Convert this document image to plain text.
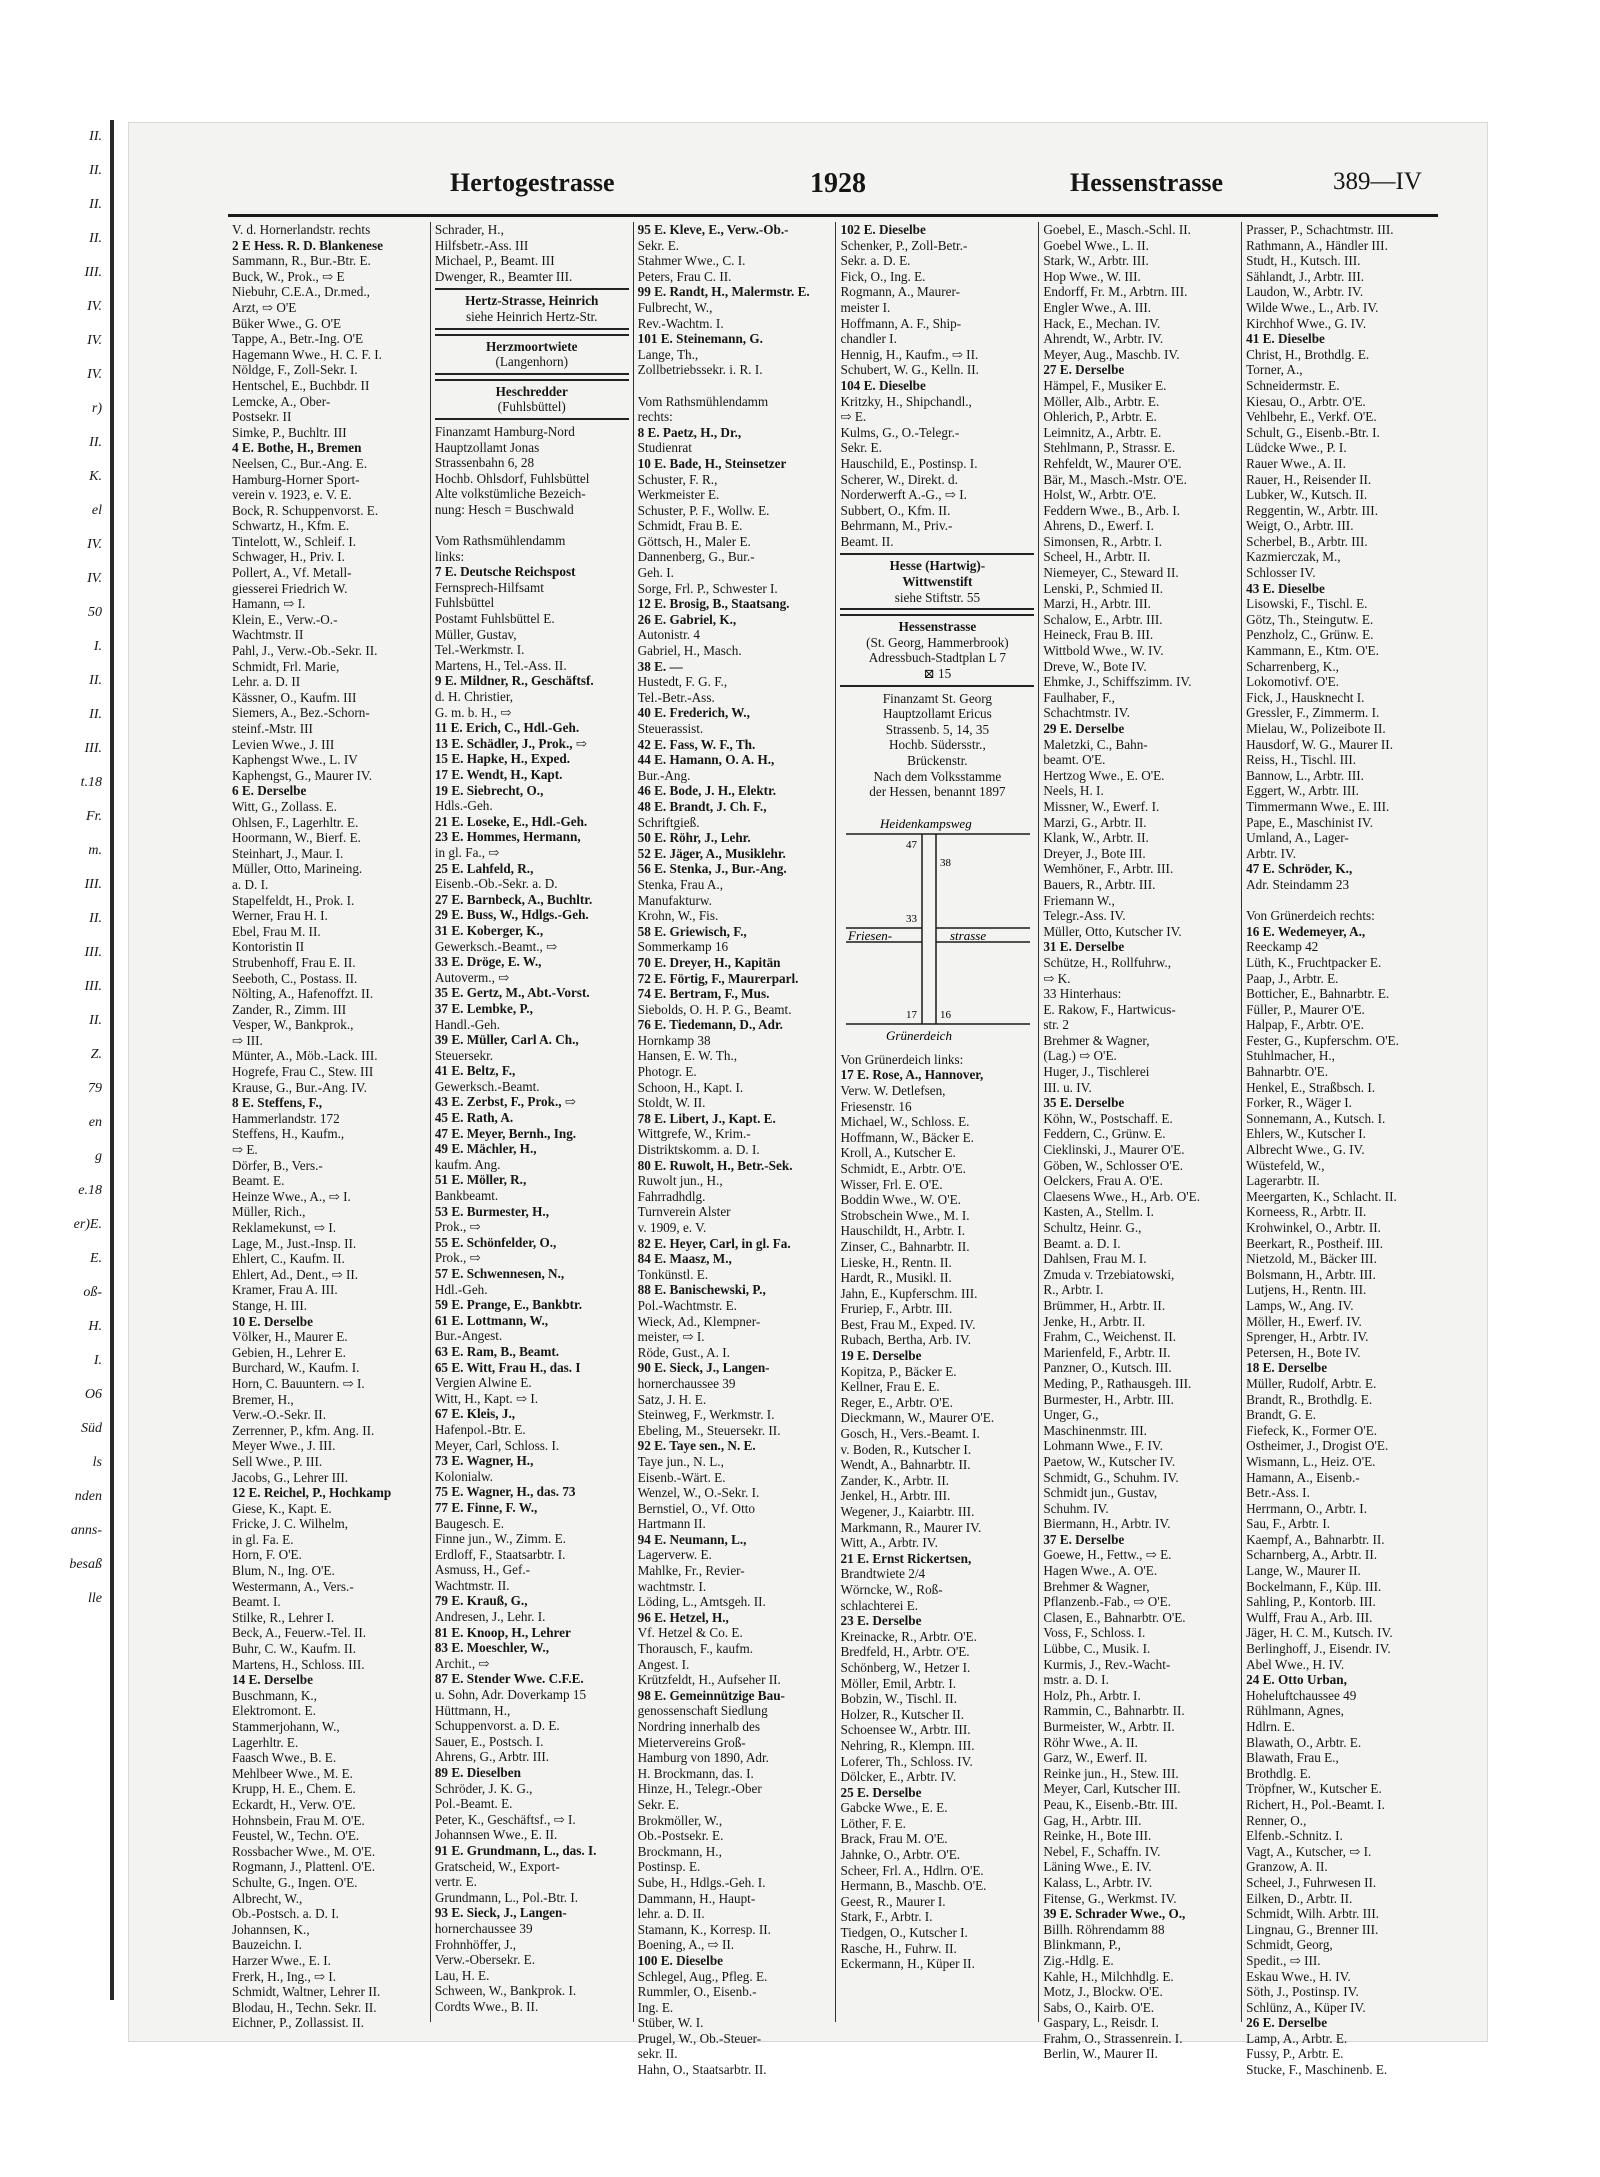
II.
II.
II.
II.
III.
IV.
IV.
IV.
r)
II.
K.
el
IV.
IV.
50
I.
II.
II.
III.
t.18
Fr.
m.
III.
II.
III.
III.
II.
Z.
79
en
g
e.18
er)E.
E.
oß-
H.
I.
O6
Süd
ls
nden
anns-
besaß
lle
Hertogestrasse	1928	Hessenstrasse	389—IV
V. d. Hornerlandstr. rechts
2 E Hess. R. D. Blankenese
Sammann, R., Bur.-Btr. E.
Buck, W., Prok., ⇨ E
Niebuhr, C.E.A., Dr.med.,
Arzt, ⇨ O'E
Büker Wwe., G. O'E
Tappe, A., Betr.-Ing. O'E
Hagemann Wwe., H. C. F. I.
Nöldge, F., Zoll-Sekr. I.
Hentschel, E., Buchbdr. II
Lemcke, A., Ober-
Postsekr. II
Simke, P., Buchltr. III
4 E. Bothe, H., Bremen
Neelsen, C., Bur.-Ang. E.
Hamburg-Horner Sport-
verein v. 1923, e. V. E.
Bock, R. Schuppenvorst. E.
Schwartz, H., Kfm. E.
Tintelott, W., Schleif. I.
Schwager, H., Priv. I.
Pollert, A., Vf. Metall-
giesserei Friedrich W.
Hamann, ⇨ I.
Klein, E., Verw.-O.-
Wachtmstr. II
Pahl, J., Verw.-Ob.-Sekr. II.
Schmidt, Frl. Marie,
Lehr. a. D. II
Kässner, O., Kaufm. III
Siemers, A., Bez.-Schorn-
steinf.-Mstr. III
Levien Wwe., J. III
Kaphengst Wwe., L. IV
Kaphengst, G., Maurer IV.
6 E. Derselbe
Witt, G., Zollass. E.
Ohlsen, F., Lagerhltr. E.
Hoormann, W., Bierf. E.
Steinhart, J., Maur. I.
Müller, Otto, Marineing.
a. D. I.
Stapelfeldt, H., Prok. I.
Werner, Frau H. I.
Ebel, Frau M. II.
Kontoristin II
Strubenhoff, Frau E. II.
Seeboth, C., Postass. II.
Nölting, A., Hafenoffzt. II.
Zander, R., Zimm. III
Vesper, W., Bankprok.,
⇨ III.
Münter, A., Möb.-Lack. III.
Hogrefe, Frau C., Stew. III
Krause, G., Bur.-Ang. IV.
8 E. Steffens, F.,
Hammerlandstr. 172
Steffens, H., Kaufm.,
⇨ E.
Dörfer, B., Vers.-
Beamt. E.
Heinze Wwe., A., ⇨ I.
Müller, Rich.,
Reklamekunst, ⇨ I.
Lage, M., Just.-Insp. II.
Ehlert, C., Kaufm. II.
Ehlert, Ad., Dent., ⇨ II.
Kramer, Frau A. III.
Stange, H. III.
10 E. Derselbe
Völker, H., Maurer E.
Gebien, H., Lehrer E.
Burchard, W., Kaufm. I.
Horn, C. Bauuntern. ⇨ I.
Bremer, H.,
Verw.-O.-Sekr. II.
Zerrenner, P., kfm. Ang. II.
Meyer Wwe., J. III.
Sell Wwe., P. III.
Jacobs, G., Lehrer III.
12 E. Reichel, P., Hochkamp
Giese, K., Kapt. E.
Fricke, J. C. Wilhelm,
in gl. Fa. E.
Horn, F. O'E.
Blum, N., Ing. O'E.
Westermann, A., Vers.-
Beamt. I.
Stilke, R., Lehrer I.
Beck, A., Feuerw.-Tel. II.
Buhr, C. W., Kaufm. II.
Martens, H., Schloss. III.
14 E. Derselbe
Buschmann, K.,
Elektromont. E.
Stammerjohann, W.,
Lagerhltr. E.
Faasch Wwe., B. E.
Mehlbeer Wwe., M. E.
Krupp, H. E., Chem. E.
Eckardt, H., Verw. O'E.
Hohnsbein, Frau M. O'E.
Feustel, W., Techn. O'E.
Rossbacher Wwe., M. O'E.
Rogmann, J., Plattenl. O'E.
Schulte, G., Ingen. O'E.
Albrecht, W.,
Ob.-Postsch. a. D. I.
Johannsen, K.,
Bauzeichn. I.
Harzer Wwe., E. I.
Frerk, H., Ing., ⇨ I.
Schmidt, Waltner, Lehrer II.
Blodau, H., Techn. Sekr. II.
Eichner, P., Zollassist. II.
Schrader, H.,
Hilfsbetr.-Ass. III
Michael, P., Beamt. III
Dwenger, R., Beamter III.
Hertz-Strasse, Heinrich
siehe Heinrich Hertz-Str.
Herzmoortwiete
(Langenhorn)
Heschredder
(Fuhlsbüttel)
Finanzamt Hamburg-Nord
Hauptzollamt Jonas
Strassenbahn 6, 28
Hochb. Ohlsdorf, Fuhlsbüttel
Alte volkstümliche Bezeich-
nung: Hesch = Buschwald

Vom Rathsmühlendamm
links:
7 E. Deutsche Reichspost
Fernsprech-Hilfsamt
Fuhlsbüttel
Postamt Fuhlsbüttel E.
Müller, Gustav,
Tel.-Werkmstr. I.
Martens, H., Tel.-Ass. II.
9 E. Mildner, R., Geschäftsf.
d. H. Christier,
G. m. b. H., ⇨
11 E. Erich, C., Hdl.-Geh.
13 E. Schädler, J., Prok., ⇨
15 E. Hapke, H., Exped.
17 E. Wendt, H., Kapt.
19 E. Siebrecht, O.,
Hdls.-Geh.
21 E. Loseke, E., Hdl.-Geh.
23 E. Hommes, Hermann,
in gl. Fa., ⇨
25 E. Lahfeld, R.,
Eisenb.-Ob.-Sekr. a. D.
27 E. Barnbeck, A., Buchltr.
29 E. Buss, W., Hdlgs.-Geh.
31 E. Koberger, K.,
Gewerksch.-Beamt., ⇨
33 E. Dröge, E. W.,
Autoverm., ⇨
35 E. Gertz, M., Abt.-Vorst.
37 E. Lembke, P.,
Handl.-Geh.
39 E. Müller, Carl A. Ch.,
Steuersekr.
41 E. Beltz, F.,
Gewerksch.-Beamt.
43 E. Zerbst, F., Prok., ⇨
45 E. Rath, A.
47 E. Meyer, Bernh., Ing.
49 E. Mächler, H.,
kaufm. Ang.
51 E. Möller, R.,
Bankbeamt.
53 E. Burmester, H.,
Prok., ⇨
55 E. Schönfelder, O.,
Prok., ⇨
57 E. Schwennesen, N.,
Hdl.-Geh.
59 E. Prange, E., Bankbtr.
61 E. Lottmann, W.,
Bur.-Angest.
63 E. Ram, B., Beamt.
65 E. Witt, Frau H., das. I
Vergien Alwine E.
Witt, H., Kapt. ⇨ I.
67 E. Kleis, J.,
Hafenpol.-Btr. E.
Meyer, Carl, Schloss. I.
73 E. Wagner, H.,
Kolonialw.
75 E. Wagner, H., das. 73
77 E. Finne, F. W.,
Baugesch. E.
Finne jun., W., Zimm. E.
Erdloff, F., Staatsarbtr. I.
Asmuss, H., Gef.-
Wachtmstr. II.
79 E. Krauß, G.,
Andresen, J., Lehr. I.
81 E. Knoop, H., Lehrer
83 E. Moeschler, W.,
Archit., ⇨
87 E. Stender Wwe. C.F.E.
u. Sohn, Adr. Doverkamp 15
Hüttmann, H.,
Schuppenvorst. a. D. E.
Sauer, E., Postsch. I.
Ahrens, G., Arbtr. III.
89 E. Dieselben
Schröder, J. K. G.,
Pol.-Beamt. E.
Peter, K., Geschäftsf., ⇨ I.
Johannsen Wwe., E. II.
91 E. Grundmann, L., das. I.
Gratscheid, W., Export-
vertr. E.
Grundmann, L., Pol.-Btr. I.
93 E. Sieck, J., Langen-
hornerchaussee 39
Frohnhöffer, J.,
Verw.-Obersekr. E.
Lau, H. E.
Schween, W., Bankprok. I.
Cordts Wwe., B. II.
95 E. Kleve, E., Verw.-Ob.-
Sekr. E.
Stahmer Wwe., C. I.
Peters, Frau C. II.
99 E. Randt, H., Malermstr. E.
Fulbrecht, W.,
Rev.-Wachtm. I.
101 E. Steinemann, G.
Lange, Th.,
Zollbetriebssekr. i. R. I.

Vom Rathsmühlendamm
rechts:
8 E. Paetz, H., Dr.,
Studienrat
10 E. Bade, H., Steinsetzer
Schuster, F. R.,
Werkmeister E.
Schuster, P. F., Wollw. E.
Schmidt, Frau B. E.
Göttsch, H., Maler E.
Dannenberg, G., Bur.-
Geh. I.
Sorge, Frl. P., Schwester I.
12 E. Brosig, B., Staatsang.
26 E. Gabriel, K.,
Autonistr. 4
Gabriel, H., Masch.
38 E. —
Hustedt, F. G. F.,
Tel.-Betr.-Ass.
40 E. Frederich, W.,
Steuerassist.
42 E. Fass, W. F., Th.
44 E. Hamann, O. A. H.,
Bur.-Ang.
46 E. Bode, J. H., Elektr.
48 E. Brandt, J. Ch. F.,
Schriftgieß.
50 E. Röhr, J., Lehr.
52 E. Jäger, A., Musiklehr.
56 E. Stenka, J., Bur.-Ang.
Stenka, Frau A.,
Manufakturw.
Krohn, W., Fis.
58 E. Griewisch, F.,
Sommerkamp 16
70 E. Dreyer, H., Kapitän
72 E. Förtig, F., Maurerparl.
74 E. Bertram, F., Mus.
Siebolds, O. H. P. G., Beamt.
76 E. Tiedemann, D., Adr.
Hornkamp 38
Hansen, E. W. Th.,
Photogr. E.
Schoon, H., Kapt. I.
Stoldt, W. II.
78 E. Libert, J., Kapt. E.
Wittgrefe, W., Krim.-
Distriktskomm. a. D. I.
80 E. Ruwolt, H., Betr.-Sek.
Ruwolt jun., H.,
Fahrradhdlg.
Turnverein Alster
v. 1909, e. V.
82 E. Heyer, Carl, in gl. Fa.
84 E. Maasz, M.,
Tonkünstl. E.
88 E. Banischewski, P.,
Pol.-Wachtmstr. E.
Wieck, Ad., Klempner-
meister, ⇨ I.
Röde, Gust., A. I.
90 E. Sieck, J., Langen-
hornerchaussee 39
Satz, J. H. E.
Steinweg, F., Werkmstr. I.
Ebeling, M., Steuersekr. II.
92 E. Taye sen., N. E.
Taye jun., N. L.,
Eisenb.-Wärt. E.
Wenzel, W., O.-Sekr. I.
Bernstiel, O., Vf. Otto
Hartmann II.
94 E. Neumann, L.,
Lagerverw. E.
Mahlke, Fr., Revier-
wachtmstr. I.
Löding, L., Amtsgeh. II.
96 E. Hetzel, H.,
Vf. Hetzel & Co. E.
Thorausch, F., kaufm.
Angest. I.
Krützfeldt, H., Aufseher II.
98 E. Gemeinnützige Bau-
genossenschaft Siedlung
Nordring innerhalb des
Mietervereins Groß-
Hamburg von 1890, Adr.
H. Brockmann, das. I.
Hinze, H., Telegr.-Ober
Sekr. E.
Brokmöller, W.,
Ob.-Postsekr. E.
Brockmann, H.,
Postinsp. E.
Sube, H., Hdlgs.-Geh. I.
Dammann, H., Haupt-
lehr. a. D. II.
Stamann, K., Korresp. II.
Boening, A., ⇨ II.
100 E. Dieselbe
Schlegel, Aug., Pfleg. E.
Rummler, O., Eisenb.-
Ing. E.
Stüber, W. I.
Prugel, W., Ob.-Steuer-
sekr. II.
Hahn, O., Staatsarbtr. II.
102 E. Dieselbe
Schenker, P., Zoll-Betr.-
Sekr. a. D. E.
Fick, O., Ing. E.
Rogmann, A., Maurer-
meister I.
Hoffmann, A. F., Ship-
chandler I.
Hennig, H., Kaufm., ⇨ II.
Schubert, W. G., Kelln. II.
104 E. Dieselbe
Kritzky, H., Shipchandl.,
⇨ E.
Kulms, G., O.-Telegr.-
Sekr. E.
Hauschild, E., Postinsp. I.
Scherer, W., Direkt. d.
Norderwerft A.-G., ⇨ I.
Subbert, O., Kfm. II.
Behrmann, M., Priv.-
Beamt. II.
Hesse (Hartwig)-
Wittwenstift
siehe Stiftstr. 55
Hessenstrasse
(St. Georg, Hammerbrook)
Adressbuch-Stadtplan L 7
⊠ 15
Finanzamt St. Georg
Hauptzollamt Ericus
Strassenb. 5, 14, 35
Hochb. Südersstr.,
Brückenstr.
Nach dem Volksstamme
der Hessen, benannt 1897
Heidenkampsweg
Friesen-	strasse
Grünerdeich
47
38
33
17 16
Von Grünerdeich links:
17 E. Rose, A., Hannover,
Verw. W. Detlefsen,
Friesenstr. 16
Michael, W., Schloss. E.
Hoffmann, W., Bäcker E.
Kroll, A., Kutscher E.
Schmidt, E., Arbtr. O'E.
Wisser, Frl. E. O'E.
Boddin Wwe., W. O'E.
Strobschein Wwe., M. I.
Hauschildt, H., Arbtr. I.
Zinser, C., Bahnarbtr. II.
Lieske, H., Rentn. II.
Hardt, R., Musikl. II.
Jahn, E., Kupferschm. III.
Fruriep, F., Arbtr. III.
Best, Frau M., Exped. IV.
Rubach, Bertha, Arb. IV.
19 E. Derselbe
Kopitza, P., Bäcker E.
Kellner, Frau E. E.
Reger, E., Arbtr. O'E.
Dieckmann, W., Maurer O'E.
Gosch, H., Vers.-Beamt. I.
v. Boden, R., Kutscher I.
Wendt, A., Bahnarbtr. II.
Zander, K., Arbtr. II.
Jenkel, H., Arbtr. III.
Wegener, J., Kaiarbtr. III.
Markmann, R., Maurer IV.
Witt, A., Arbtr. IV.
21 E. Ernst Rickertsen,
Brandtwiete 2/4
Wörncke, W., Roß-
schlachterei E.
23 E. Derselbe
Kreinacke, R., Arbtr. O'E.
Bredfeld, H., Arbtr. O'E.
Schönberg, W., Hetzer I.
Möller, Emil, Arbtr. I.
Bobzin, W., Tischl. II.
Holzer, R., Kutscher II.
Schoensee W., Arbtr. III.
Nehring, R., Klempn. III.
Loferer, Th., Schloss. IV.
Dölcker, E., Arbtr. IV.
25 E. Derselbe
Gabcke Wwe., E. E.
Löther, F. E.
Brack, Frau M. O'E.
Jahnke, O., Arbtr. O'E.
Scheer, Frl. A., Hdlrn. O'E.
Hermann, B., Maschb. O'E.
Geest, R., Maurer I.
Stark, F., Arbtr. I.
Tiedgen, O., Kutscher I.
Rasche, H., Fuhrw. II.
Eckermann, H., Küper II.
Goebel, E., Masch.-Schl. II.
Goebel Wwe., L. II.
Stark, W., Arbtr. III.
Hop Wwe., W. III.
Endorff, Fr. M., Arbtrn. III.
Engler Wwe., A. III.
Hack, E., Mechan. IV.
Ahrendt, W., Arbtr. IV.
Meyer, Aug., Maschb. IV.
27 E. Derselbe
Hämpel, F., Musiker E.
Möller, Alb., Arbtr. E.
Ohlerich, P., Arbtr. E.
Leimnitz, A., Arbtr. E.
Stehlmann, P., Strassr. E.
Rehfeldt, W., Maurer O'E.
Bär, M., Masch.-Mstr. O'E.
Holst, W., Arbtr. O'E.
Feddern Wwe., B., Arb. I.
Ahrens, D., Ewerf. I.
Simonsen, R., Arbtr. I.
Scheel, H., Arbtr. II.
Niemeyer, C., Steward II.
Lenski, P., Schmied II.
Marzi, H., Arbtr. III.
Schalow, E., Arbtr. III.
Heineck, Frau B. III.
Wittbold Wwe., W. IV.
Dreve, W., Bote IV.
Ehmke, J., Schiffszimm. IV.
Faulhaber, F.,
Schachtmstr. IV.
29 E. Derselbe
Maletzki, C., Bahn-
beamt. O'E.
Hertzog Wwe., E. O'E.
Neels, H. I.
Missner, W., Ewerf. I.
Marzi, G., Arbtr. II.
Klank, W., Arbtr. II.
Dreyer, J., Bote III.
Wemhöner, F., Arbtr. III.
Bauers, R., Arbtr. III.
Friemann W.,
Telegr.-Ass. IV.
Müller, Otto, Kutscher IV.
31 E. Derselbe
Schütze, H., Rollfuhrw.,
⇨ K.
33 Hinterhaus:
E. Rakow, F., Hartwicus-
str. 2
Brehmer & Wagner,
(Lag.) ⇨ O'E.
Huger, J., Tischlerei
III. u. IV.
35 E. Derselbe
Köhn, W., Postschaff. E.
Feddern, C., Grünw. E.
Cieklinski, J., Maurer O'E.
Göben, W., Schlosser O'E.
Oelckers, Frau A. O'E.
Claesens Wwe., H., Arb. O'E.
Kasten, A., Stellm. I.
Schultz, Heinr. G.,
Beamt. a. D. I.
Dahlsen, Frau M. I.
Zmuda v. Trzebiatowski,
R., Arbtr. I.
Brümmer, H., Arbtr. II.
Jenke, H., Arbtr. II.
Frahm, C., Weichenst. II.
Marienfeld, F., Arbtr. II.
Panzner, O., Kutsch. III.
Meding, P., Rathausgeh. III.
Burmester, H., Arbtr. III.
Unger, G.,
Maschinenmstr. III.
Lohmann Wwe., F. IV.
Paetow, W., Kutscher IV.
Schmidt, G., Schuhm. IV.
Schmidt jun., Gustav,
Schuhm. IV.
Biermann, H., Arbtr. IV.
37 E. Derselbe
Goewe, H., Fettw., ⇨ E.
Hagen Wwe., A. O'E.
Brehmer & Wagner,
Pflanzenb.-Fab., ⇨ O'E.
Clasen, E., Bahnarbtr. O'E.
Voss, F., Schloss. I.
Lübbe, C., Musik. I.
Kurmis, J., Rev.-Wacht-
mstr. a. D. I.
Holz, Ph., Arbtr. I.
Rammin, C., Bahnarbtr. II.
Burmeister, W., Arbtr. II.
Röhr Wwe., A. II.
Garz, W., Ewerf. II.
Reinke jun., H., Stew. III.
Meyer, Carl, Kutscher III.
Peau, K., Eisenb.-Btr. III.
Gag, H., Arbtr. III.
Reinke, H., Bote III.
Nebel, F., Schaffn. IV.
Läning Wwe., E. IV.
Kalass, L., Arbtr. IV.
Fitense, G., Werkmst. IV.
39 E. Schrader Wwe., O.,
Billh. Röhrendamm 88
Blinkmann, P.,
Zig.-Hdlg. E.
Kahle, H., Milchhdlg. E.
Motz, J., Blockw. O'E.
Sabs, O., Kairb. O'E.
Gaspary, L., Reisdr. I.
Frahm, O., Strassenrein. I.
Berlin, W., Maurer II.
Prasser, P., Schachtmstr. III.
Rathmann, A., Händler III.
Studt, H., Kutsch. III.
Sählandt, J., Arbtr. III.
Laudon, W., Arbtr. IV.
Wilde Wwe., L., Arb. IV.
Kirchhof Wwe., G. IV.
41 E. Dieselbe
Christ, H., Brothdlg. E.
Torner, A.,
Schneidermstr. E.
Kiesau, O., Arbtr. O'E.
Vehlbehr, E., Verkf. O'E.
Schult, G., Eisenb.-Btr. I.
Lüdcke Wwe., P. I.
Rauer Wwe., A. II.
Rauer, H., Reisender II.
Lubker, W., Kutsch. II.
Reggentin, W., Arbtr. III.
Weigt, O., Arbtr. III.
Scherbel, B., Arbtr. III.
Kazmierczak, M.,
Schlosser IV.
43 E. Dieselbe
Lisowski, F., Tischl. E.
Götz, Th., Steingutw. E.
Penzholz, C., Grünw. E.
Kammann, E., Ktm. O'E.
Scharrenberg, K.,
Lokomotivf. O'E.
Fick, J., Hausknecht I.
Gressler, F., Zimmerm. I.
Mielau, W., Polizeibote II.
Hausdorf, W. G., Maurer II.
Reiss, H., Tischl. III.
Bannow, L., Arbtr. III.
Eggert, W., Arbtr. III.
Timmermann Wwe., E. III.
Pape, E., Maschinist IV.
Umland, A., Lager-
Arbtr. IV.
47 E. Schröder, K.,
Adr. Steindamm 23

Von Grünerdeich rechts:
16 E. Wedemeyer, A.,
Reeckamp 42
Lüth, K., Fruchtpacker E.
Paap, J., Arbtr. E.
Botticher, E., Bahnarbtr. E.
Füller, P., Maurer O'E.
Halpap, F., Arbtr. O'E.
Fester, G., Kupferschm. O'E.
Stuhlmacher, H.,
Bahnarbtr. O'E.
Henkel, E., Straßbsch. I.
Forker, R., Wäger I.
Sonnemann, A., Kutsch. I.
Ehlers, W., Kutscher I.
Albrecht Wwe., G. IV.
Wüstefeld, W.,
Lagerarbtr. II.
Meergarten, K., Schlacht. II.
Korneess, R., Arbtr. II.
Krohwinkel, O., Arbtr. II.
Beerkart, R., Postheif. III.
Nietzold, M., Bäcker III.
Bolsmann, H., Arbtr. III.
Lutjens, H., Rentn. III.
Lamps, W., Ang. IV.
Möller, H., Ewerf. IV.
Sprenger, H., Arbtr. IV.
Petersen, H., Bote IV.
18 E. Derselbe
Müller, Rudolf, Arbtr. E.
Brandt, R., Brothdlg. E.
Brandt, G. E.
Fiefeck, K., Former O'E.
Ostheimer, J., Drogist O'E.
Wismann, L., Heiz. O'E.
Hamann, A., Eisenb.-
Betr.-Ass. I.
Herrmann, O., Arbtr. I.
Sau, F., Arbtr. I.
Kaempf, A., Bahnarbtr. II.
Scharnberg, A., Arbtr. II.
Lange, W., Maurer II.
Bockelmann, F., Küp. III.
Sahling, P., Kontorb. III.
Wulff, Frau A., Arb. III.
Jäger, H. C. M., Kutsch. IV.
Berlinghoff, J., Eisendr. IV.
Abel Wwe., H. IV.
24 E. Otto Urban,
Hoheluftchaussee 49
Rühlmann, Agnes,
Hdlrn. E.
Blawath, O., Arbtr. E.
Blawath, Frau E.,
Brothdlg. E.
Tröpfner, W., Kutscher E.
Richert, H., Pol.-Beamt. I.
Renner, O.,
Elfenb.-Schnitz. I.
Vagt, A., Kutscher, ⇨ I.
Granzow, A. II.
Scheel, J., Fuhrwesen II.
Eilken, D., Arbtr. II.
Schmidt, Wilh. Arbtr. III.
Lingnau, G., Brenner III.
Schmidt, Georg,
Spedit., ⇨ III.
Eskau Wwe., H. IV.
Söth, J., Postinsp. IV.
Schlünz, A., Küper IV.
26 E. Derselbe
Lamp, A., Arbtr. E.
Fussy, P., Arbtr. E.
Stucke, F., Maschinenb. E.
